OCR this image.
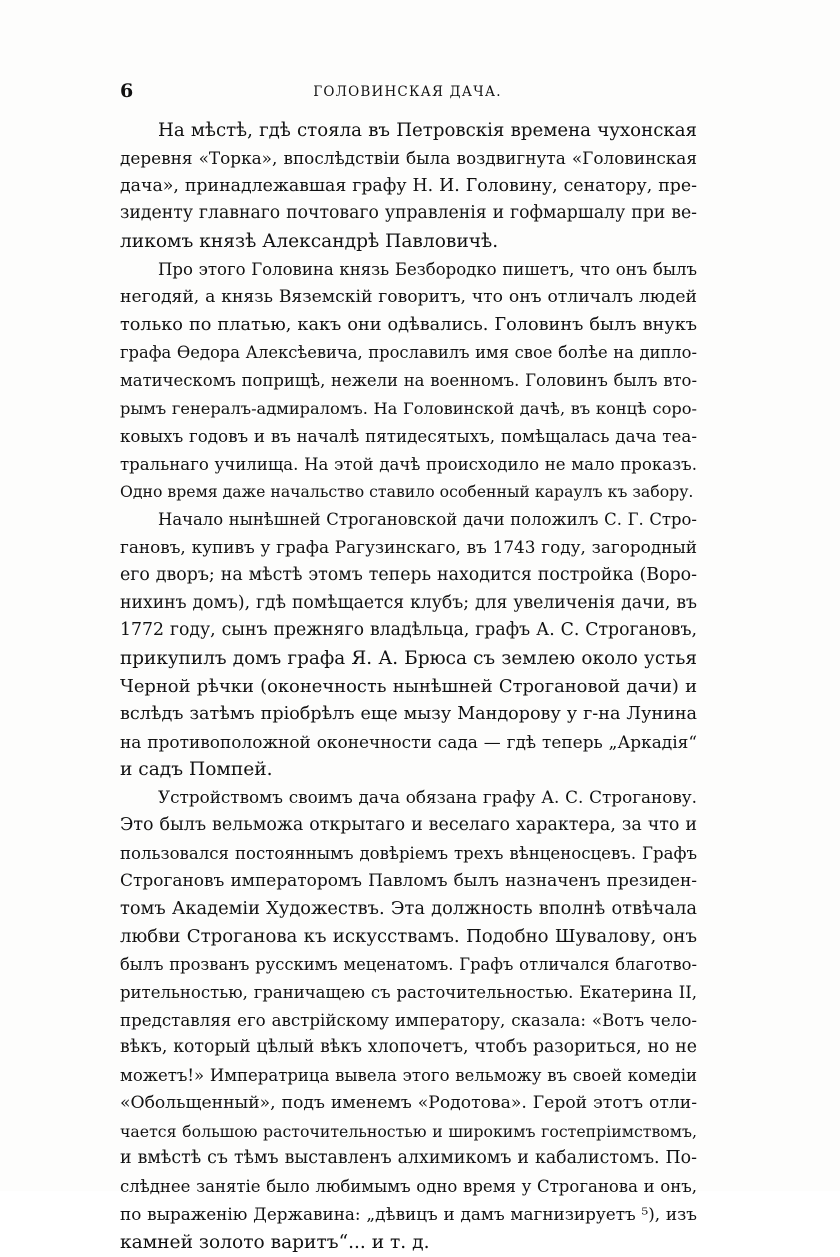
6	ГОЛОВИНСКАЯ ДАЧА.
На мѣстѣ, гдѣ стояла въ Петровскія времена чухонская
деревня «Торка», впослѣдствіи была воздвигнута «Головинская
дача», принадлежавшая графу Н. И. Головину, сенатору, пре-
зиденту главнаго почтоваго управленія и гофмаршалу при ве-
ликомъ князѣ Александрѣ Павловичѣ.
Про этого Головина князь Безбородко пишетъ, что онъ былъ
негодяй, а князь Вяземскій говоритъ, что онъ отличалъ людей
только по платью, какъ они одѣвались. Головинъ былъ внукъ
графа Ѳедора Алексѣевича, прославилъ имя свое болѣе на дипло-
матическомъ поприщѣ, нежели на военномъ. Головинъ былъ вто-
рымъ генералъ-адмираломъ. На Головинской дачѣ, въ концѣ соро-
ковыхъ годовъ и въ началѣ пятидесятыхъ, помѣщалась дача теа-
тральнаго училища. На этой дачѣ происходило не мало проказъ.
Одно время даже начальство ставило особенный караулъ къ забору.
Начало нынѣшней Строгановской дачи положилъ С. Г. Стро-
гановъ, купивъ у графа Рагузинскаго, въ 1743 году, загородный
его дворъ; на мѣстѣ этомъ теперь находится постройка (Воро-
нихинъ домъ), гдѣ помѣщается клубъ; для увеличенія дачи, въ
1772 году, сынъ прежняго владѣльца, графъ А. С. Строгановъ,
прикупилъ домъ графа Я. А. Брюса съ землею около устья
Черной рѣчки (оконечность нынѣшней Строгановой дачи) и
вслѣдъ затѣмъ пріобрѣлъ еще мызу Мандорову у г-на Лунина
на противоположной оконечности сада — гдѣ теперь „Аркадія“
и садъ Помпей.
Устройствомъ своимъ дача обязана графу А. С. Строганову.
Это былъ вельможа открытаго и веселаго характера, за что и
пользовался постояннымъ довѣріемъ трехъ вѣнценосцевъ. Графъ
Строгановъ императоромъ Павломъ былъ назначенъ президен-
томъ Академіи Художествъ. Эта должность вполнѣ отвѣчала
любви Строганова къ искусствамъ. Подобно Шувалову, онъ
былъ прозванъ русскимъ меценатомъ. Графъ отличался благотво-
рительностью, граничащею съ расточительностью. Екатерина II,
представляя его австрійскому императору, сказала: «Вотъ чело-
вѣкъ, который цѣлый вѣкъ хлопочетъ, чтобъ разориться, но не
можетъ!» Императрица вывела этого вельможу въ своей комедіи
«Обольщенный», подъ именемъ «Родотова». Герой этотъ отли-
чается большою расточительностью и широкимъ гостепріимствомъ,
и вмѣстѣ съ тѣмъ выставленъ алхимикомъ и кабалистомъ. По-
слѣднее занятіе было любимымъ одно время у Строганова и онъ,
по выраженію Державина: „дѣвицъ и дамъ магнизируетъ ⁵), изъ
камней золото варитъ“... и т. д.
